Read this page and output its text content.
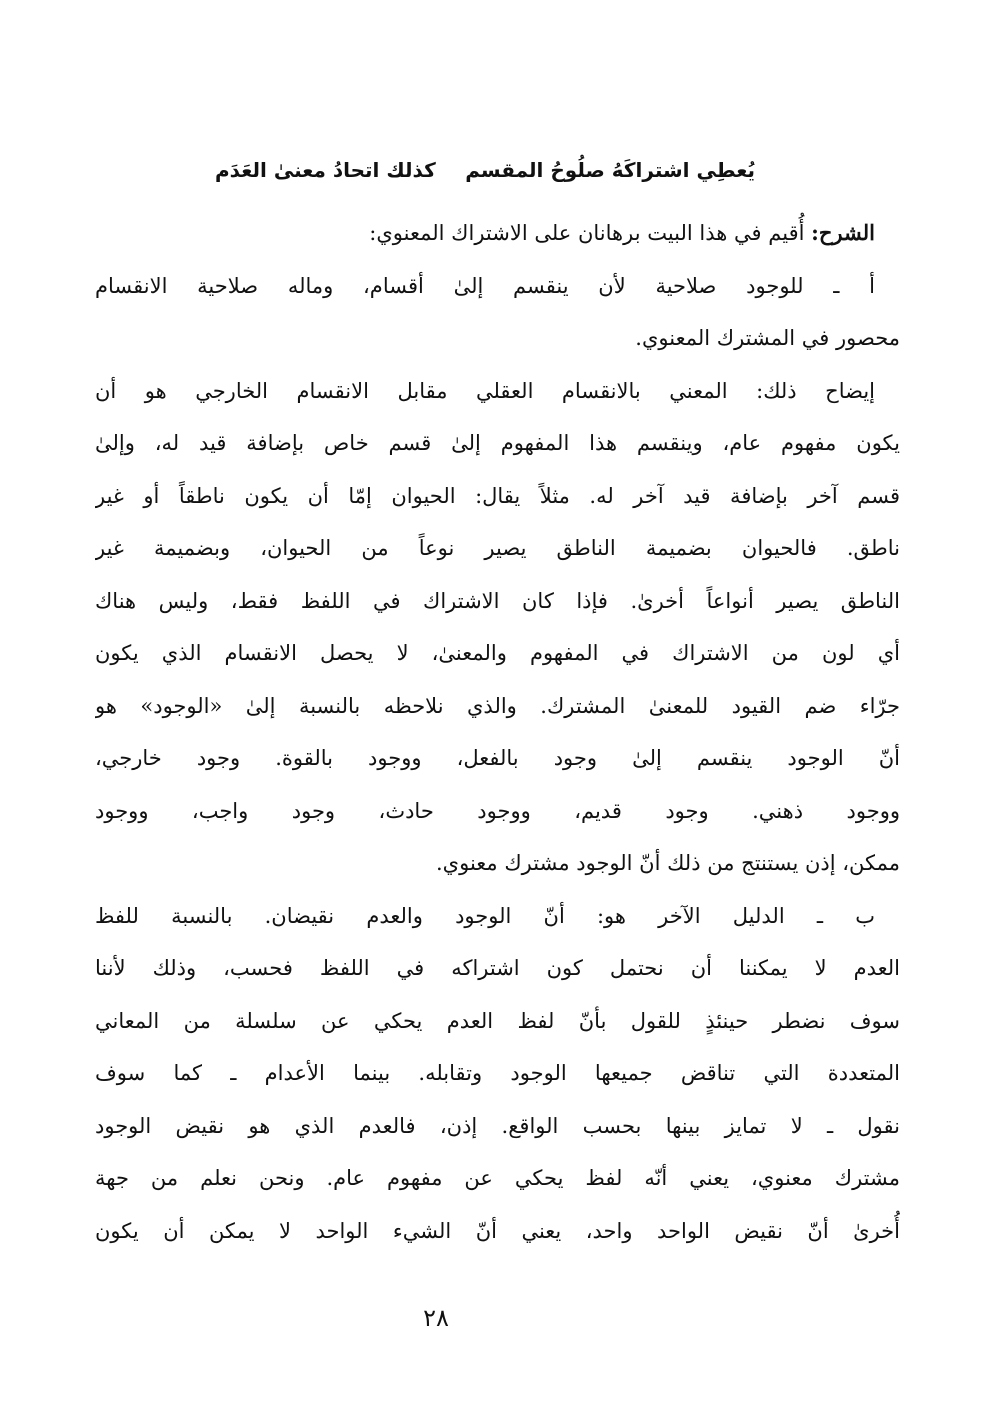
يُعطِي اشتراكَهُ صلُوحُ المقسم
كذلك اتحادُ معنىٰ العَدَم
الشرح: أُقيم في هذا البيت برهانان على الاشتراك المعنوي:
أ ـ للوجود صلاحية لأن ينقسم إلىٰ أقسام، وماله صلاحية الانقسام
محصور في المشترك المعنوي.
إيضاح ذلك: المعني بالانقسام العقلي مقابل الانقسام الخارجي هو أن
يكون مفهوم عام، وينقسم هذا المفهوم إلىٰ قسم خاص بإضافة قيد له، وإلىٰ
قسم آخر بإضافة قيد آخر له. مثلاً يقال: الحيوان إمّا أن يكون ناطقاً أو غير
ناطق. فالحيوان بضميمة الناطق يصير نوعاً من الحيوان، وبضميمة غير
الناطق يصير أنواعاً أخرىٰ. فإذا كان الاشتراك في اللفظ فقط، وليس هناك
أي لون من الاشتراك في المفهوم والمعنىٰ، لا يحصل الانقسام الذي يكون
جرّاء ضم القيود للمعنىٰ المشترك. والذي نلاحظه بالنسبة إلىٰ «الوجود» هو
أنّ الوجود ينقسم إلىٰ وجود بالفعل، ووجود بالقوة. وجود خارجي،
ووجود ذهني. وجود قديم، ووجود حادث، وجود واجب، ووجود
ممكن، إذن يستنتج من ذلك أنّ الوجود مشترك معنوي.
ب ـ الدليل الآخر هو: أنّ الوجود والعدم نقيضان. بالنسبة للفظ
العدم لا يمكننا أن نحتمل كون اشتراكه في اللفظ فحسب، وذلك لأننا
سوف نضطر حينئذٍ للقول بأنّ لفظ العدم يحكي عن سلسلة من المعاني
المتعددة التي تناقض جميعها الوجود وتقابله. بينما الأعدام ـ كما سوف
نقول ـ لا تمايز بينها بحسب الواقع. إذن، فالعدم الذي هو نقيض الوجود
مشترك معنوي، يعني أنّه لفظ يحكي عن مفهوم عام. ونحن نعلم من جهة
أُخرىٰ أنّ نقيض الواحد واحد، يعني أنّ الشيء الواحد لا يمكن أن يكون
٢٨
